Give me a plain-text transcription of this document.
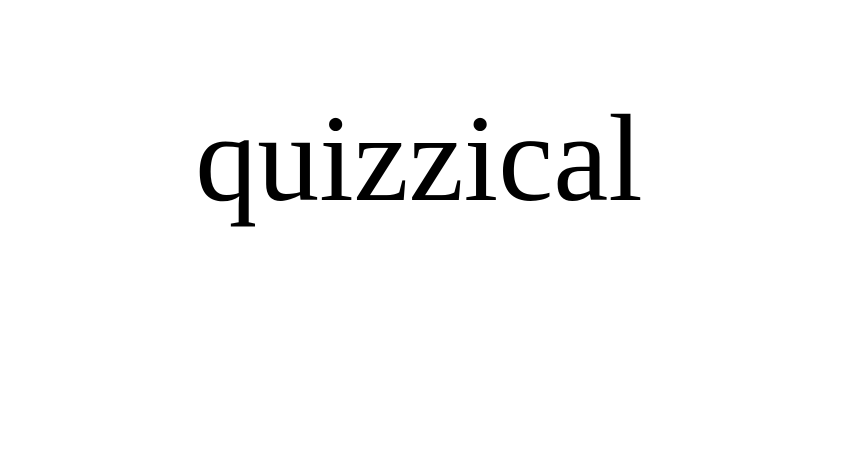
quizzical
